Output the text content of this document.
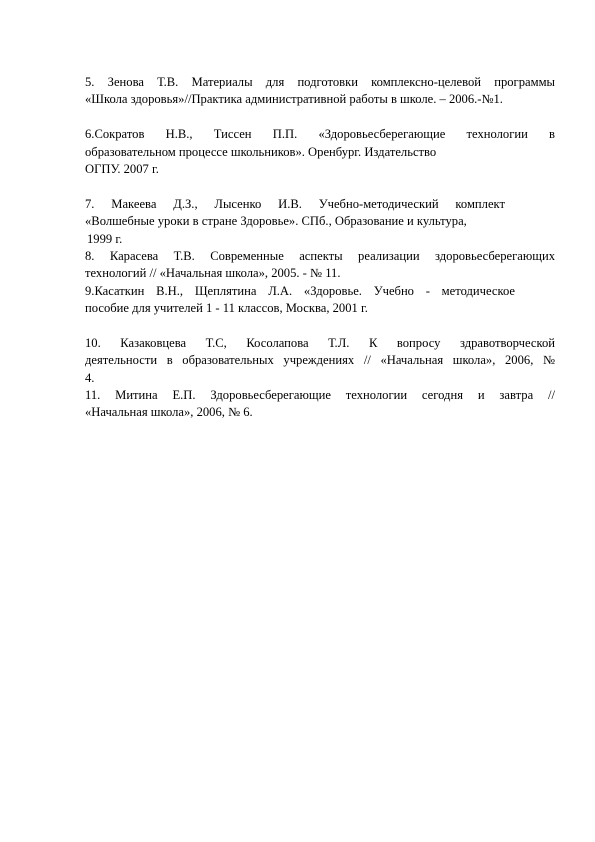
5. Зенова Т.В. Материалы для подготовки комплексно-целевой программы
«Школа здоровья»//Практика административной работы в школе. – 2006.-№1.
6.Сократов Н.В., Тиссен П.П. «Здоровьесберегающие технологии в
образовательном процессе школьников». Оренбург. Издательство
ОГПУ. 2007 г.
7. Макеева Д.З., Лысенко И.В. Учебно-методический комплект
«Волшебные уроки в стране Здоровье». СПб., Образование и культура,
1999 г.
8. Карасева Т.В. Современные аспекты реализации здоровьесберегающих
технологий // «Начальная школа», 2005. - № 11.
9.Касаткин В.Н., Щеплятина Л.А. «Здоровье. Учебно - методическое
пособие для учителей 1 - 11 классов, Москва, 2001 г.
10. Казаковцева Т.С, Косолапова Т.Л. К вопросу здравотворческой
деятельности в образовательных учреждениях // «Начальная школа», 2006, №
4.
11. Митина Е.П. Здоровьесберегающие технологии сегодня и завтра //
«Начальная школа», 2006, № 6.
